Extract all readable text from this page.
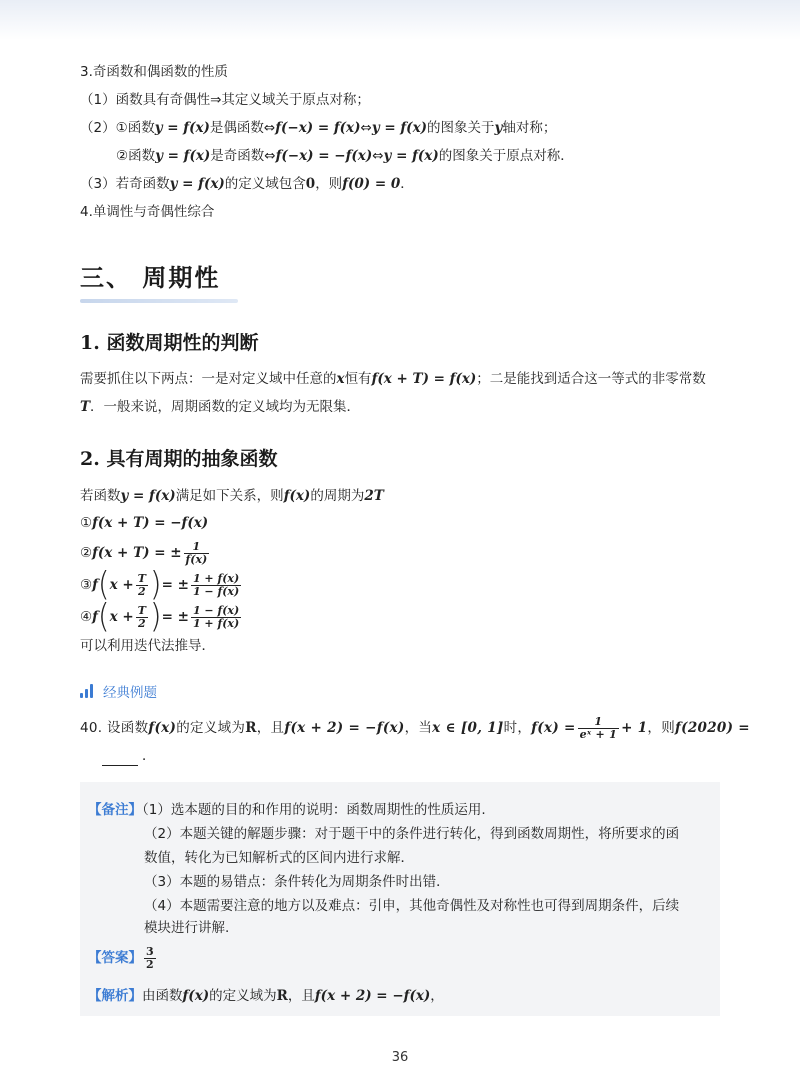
3.奇函数和偶函数的性质
（1）函数具有奇偶性⇒其定义域关于原点对称；
（2）①函数y = f(x)是偶函数⇔f(−x) = f(x)⇔y = f(x)的图象关于y轴对称；
②函数y = f(x)是奇函数⇔f(−x) = −f(x)⇔y = f(x)的图象关于原点对称．
（3）若奇函数y = f(x)的定义域包含0，则f(0) = 0．
4.单调性与奇偶性综合
三、 周期性
1. 函数周期性的判断
需要抓住以下两点：一是对定义域中任意的x恒有f(x + T) = f(x)；二是能找到适合这一等式的非零常数
T．一般来说，周期函数的定义域均为无限集．
2. 具有周期的抽象函数
若函数y = f(x)满足如下关系，则f(x)的周期为2T
①f(x + T) = −f(x)
②f(x + T) = ± $\frac{1}{f(x)}$
③f(x + $\frac{T}{2}$ )= ± $\frac{1 + f(x)}{1 - f(x)}$
④f(x + $\frac{T}{2}$ )= ± $\frac{1 - f(x)}{1 + f(x)}$
可以利用迭代法推导．
经典例题
40. 设函数f(x)的定义域为R，且f(x + 2) = −f(x)，当x ∈ [0, 1]时，$f(x) = \frac{1}{\text{eˣ + 1}} + 1$，则f(2020) =
．
【备注】（1）选本题的目的和作用的说明：函数周期性的性质运用.
（2）本题关键的解题步骤：对于题干中的条件进行转化，得到函数周期性，将所要求的函
数值，转化为已知解析式的区间内进行求解．
（3）本题的易错点：条件转化为周期条件时出错．
（4）本题需要注意的地方以及难点：引申，其他奇偶性及对称性也可得到周期条件，后续
模块进行讲解.
【答案】 $\frac{3}{2}$
【解析】由函数f(x)的定义域为R，且f(x + 2) = −f(x)，
36
